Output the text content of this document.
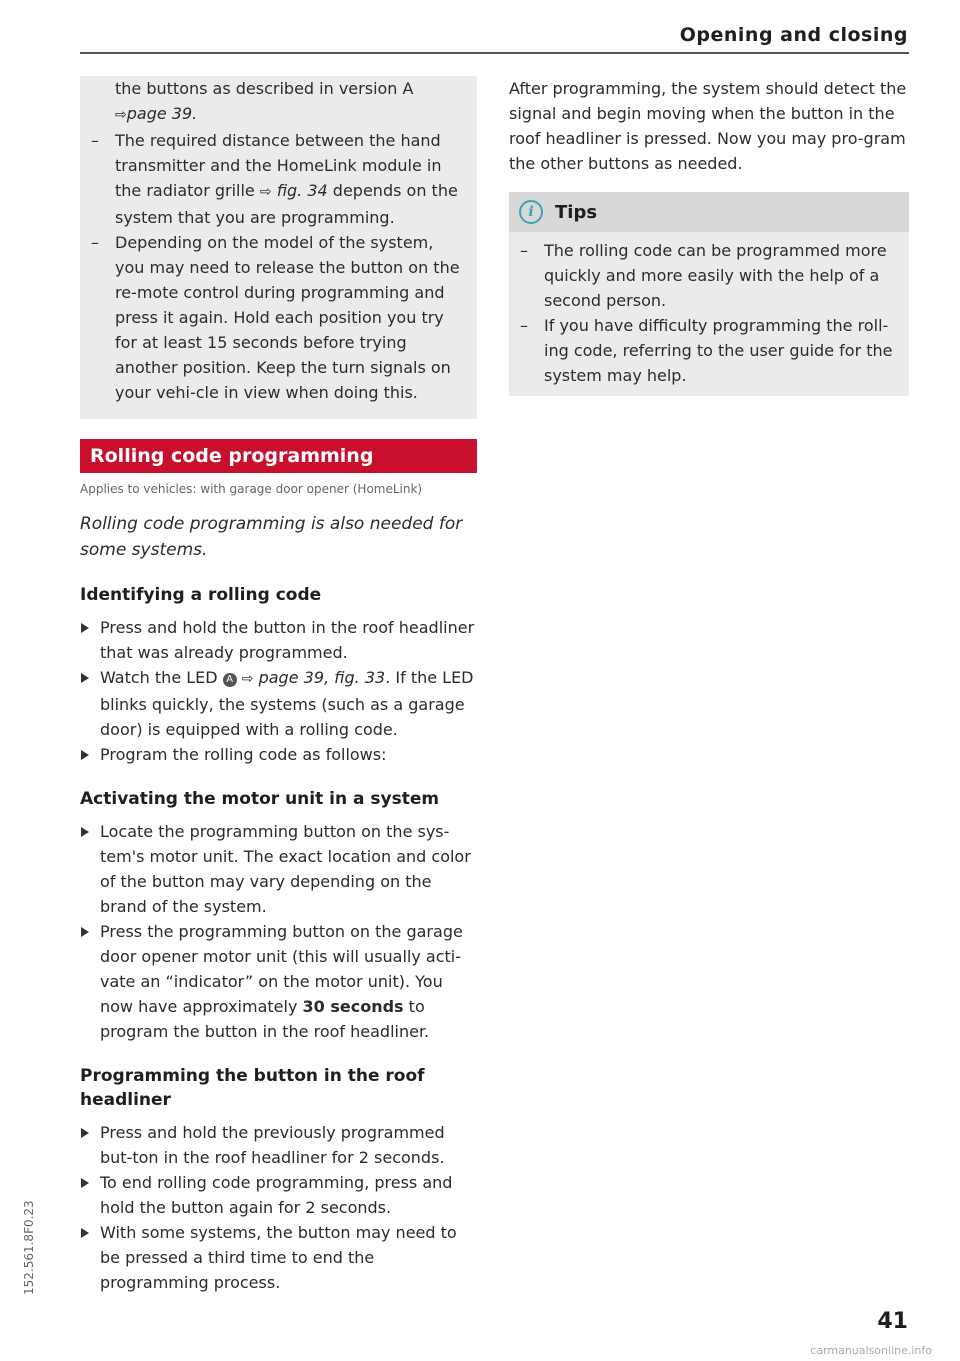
Opening and closing

the buttons as described in version A
⇨page 39.

– The required distance between the hand transmitter and the HomeLink module in the radiator grille ⇨ fig. 34 depends on the system that you are programming.
– Depending on the model of the system, you may need to release the button on the re-mote control during programming and press it again. Hold each position you try for at least 15 seconds before trying another position. Keep the turn signals on your vehi-cle in view when doing this.
Rolling code programming
Applies to vehicles: with garage door opener (HomeLink)

Rolling code programming is also needed for some systems.

Identifying a rolling code
Press and hold the button in the roof headliner that was already programmed.
Watch the LED A ⇨ page 39, fig. 33. If the LED blinks quickly, the systems (such as a garage door) is equipped with a rolling code.
Program the rolling code as follows:
Activating the motor unit in a system
Locate the programming button on the sys-tem's motor unit. The exact location and color of the button may vary depending on the brand of the system.
Press the programming button on the garage door opener motor unit (this will usually acti-vate an “indicator” on the motor unit). You now have approximately 30 seconds to program the button in the roof headliner.
Programming the button in the roof headliner
Press and hold the previously programmed but-ton in the roof headliner for 2 seconds.
To end rolling code programming, press and hold the button again for 2 seconds.
With some systems, the button may need to be pressed a third time to end the programming process.

After programming, the system should detect the signal and begin moving when the button in the roof headliner is pressed. Now you may pro-gram the other buttons as needed.

i	Tips
– The rolling code can be programmed more quickly and more easily with the help of a second person.
– If you have difficulty programming the roll-ing code, referring to the user guide for the system may help.
152.561.8F0.23
41
carmanualsonline.info
